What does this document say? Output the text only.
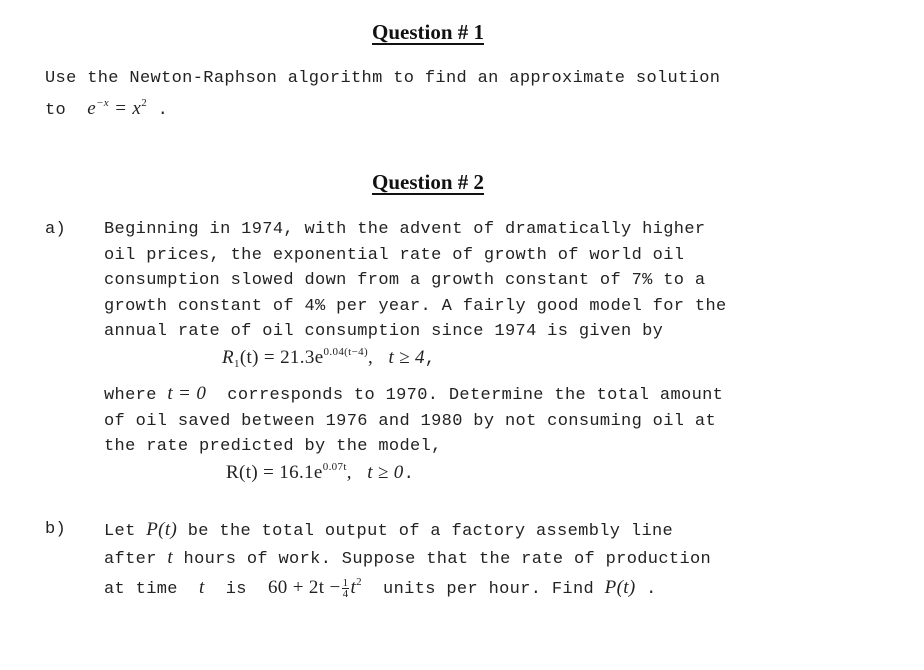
Question # 1
Use the Newton-Raphson algorithm to find an approximate solution
to $e^{-x} = x^2$ .
Question # 2
a) Beginning in 1974, with the advent of dramatically higher
oil prices, the exponential rate of growth of world oil
consumption slowed down from a growth constant of 7% to a
growth constant of 4% per year. A fairly good model for the
annual rate of oil consumption since 1974 is given by
$R_1(t) = 21.3e^{0.04(t-4)}$, t ≥ 4,
where t = 0 corresponds to 1970. Determine the total amount
of oil saved between 1976 and 1980 by not consuming oil at
the rate predicted by the model,
$R(t) = 16.1e^{0.07t}$, t ≥ 0.
b) Let P(t) be the total output of a factory assembly line
after t hours of work. Suppose that the rate of production
at time t is $60 + 2t - \frac{1}{4} t^2$ units per hour. Find P(t) .
